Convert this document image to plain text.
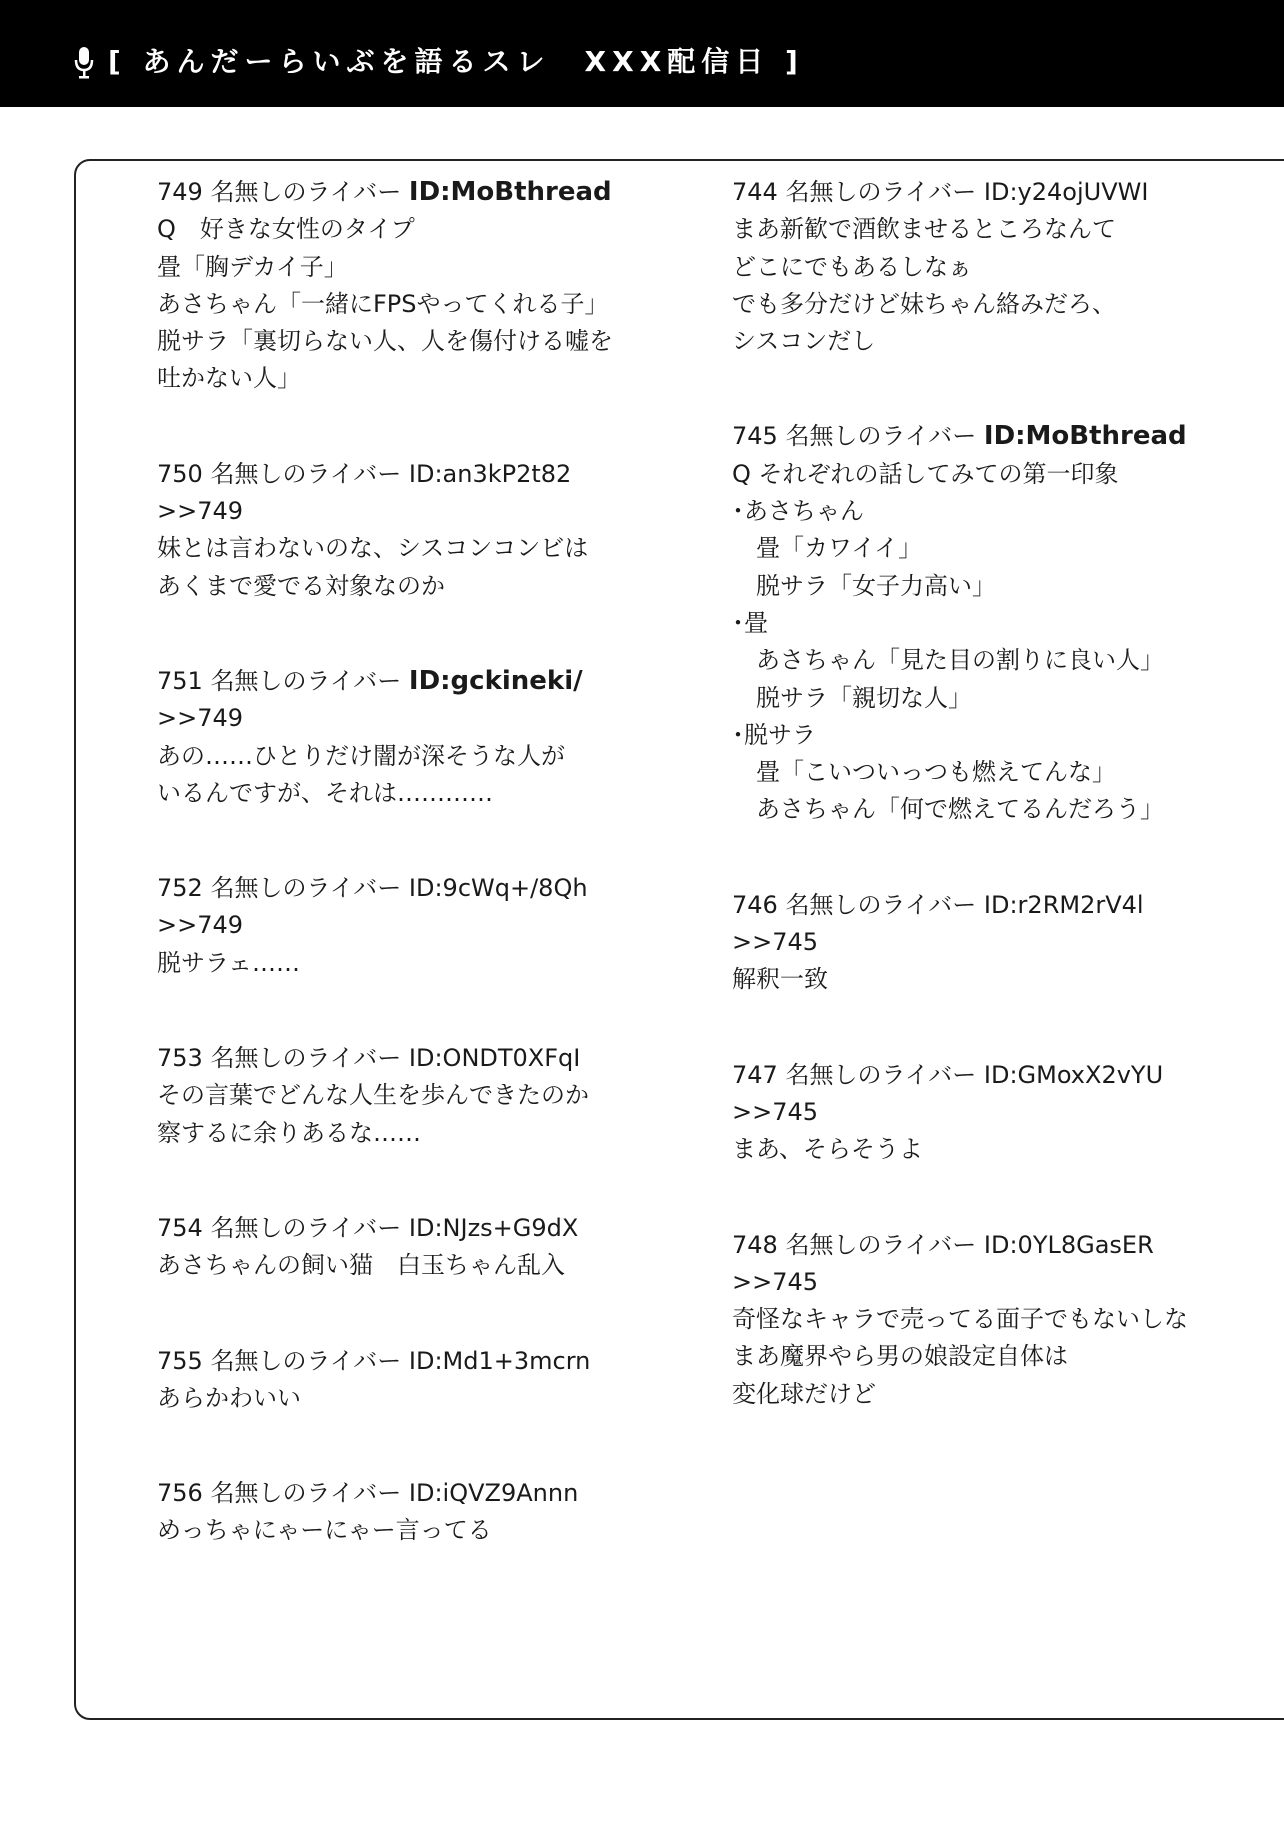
[ あんだーらいぶを語るスレ　XXX配信日 ]
749 名無しのライバー ID:MoBthread
Q　好きな女性のタイプ
畳「胸デカイ子」
あさちゃん「一緒にFPSやってくれる子」
脱サラ「裏切らない人、人を傷付ける嘘を
吐かない人」
750 名無しのライバー ID:an3kP2t82
>>749
妹とは言わないのな、シスコンコンビは
あくまで愛でる対象なのか
751 名無しのライバー ID:gckineki/
>>749
あの……ひとりだけ闇が深そうな人が
いるんですが、それは…………
752 名無しのライバー ID:9cWq+/8Qh
>>749
脱サラェ……
753 名無しのライバー ID:ONDT0XFqI
その言葉でどんな人生を歩んできたのか
察するに余りあるな……
754 名無しのライバー ID:NJzs+G9dX
あさちゃんの飼い猫　白玉ちゃん乱入
755 名無しのライバー ID:Md1+3mcrn
あらかわいい
756 名無しのライバー ID:iQVZ9Annn
めっちゃにゃーにゃー言ってる
744 名無しのライバー ID:y24ojUVWI
まあ新歓で酒飲ませるところなんて
どこにでもあるしなぁ
でも多分だけど妹ちゃん絡みだろ、
シスコンだし
745 名無しのライバー ID:MoBthread
Q それぞれの話してみての第一印象
･あさちゃん
　畳「カワイイ」
　脱サラ「女子力高い」
･畳
　あさちゃん「見た目の割りに良い人」
　脱サラ「親切な人」
･脱サラ
　畳「こいついっつも燃えてんな」
　あさちゃん「何で燃えてるんだろう」
746 名無しのライバー ID:r2RM2rV4l
>>745
解釈一致
747 名無しのライバー ID:GMoxX2vYU
>>745
まあ、そらそうよ
748 名無しのライバー ID:0YL8GasER
>>745
奇怪なキャラで売ってる面子でもないしな
まあ魔界やら男の娘設定自体は
変化球だけど
